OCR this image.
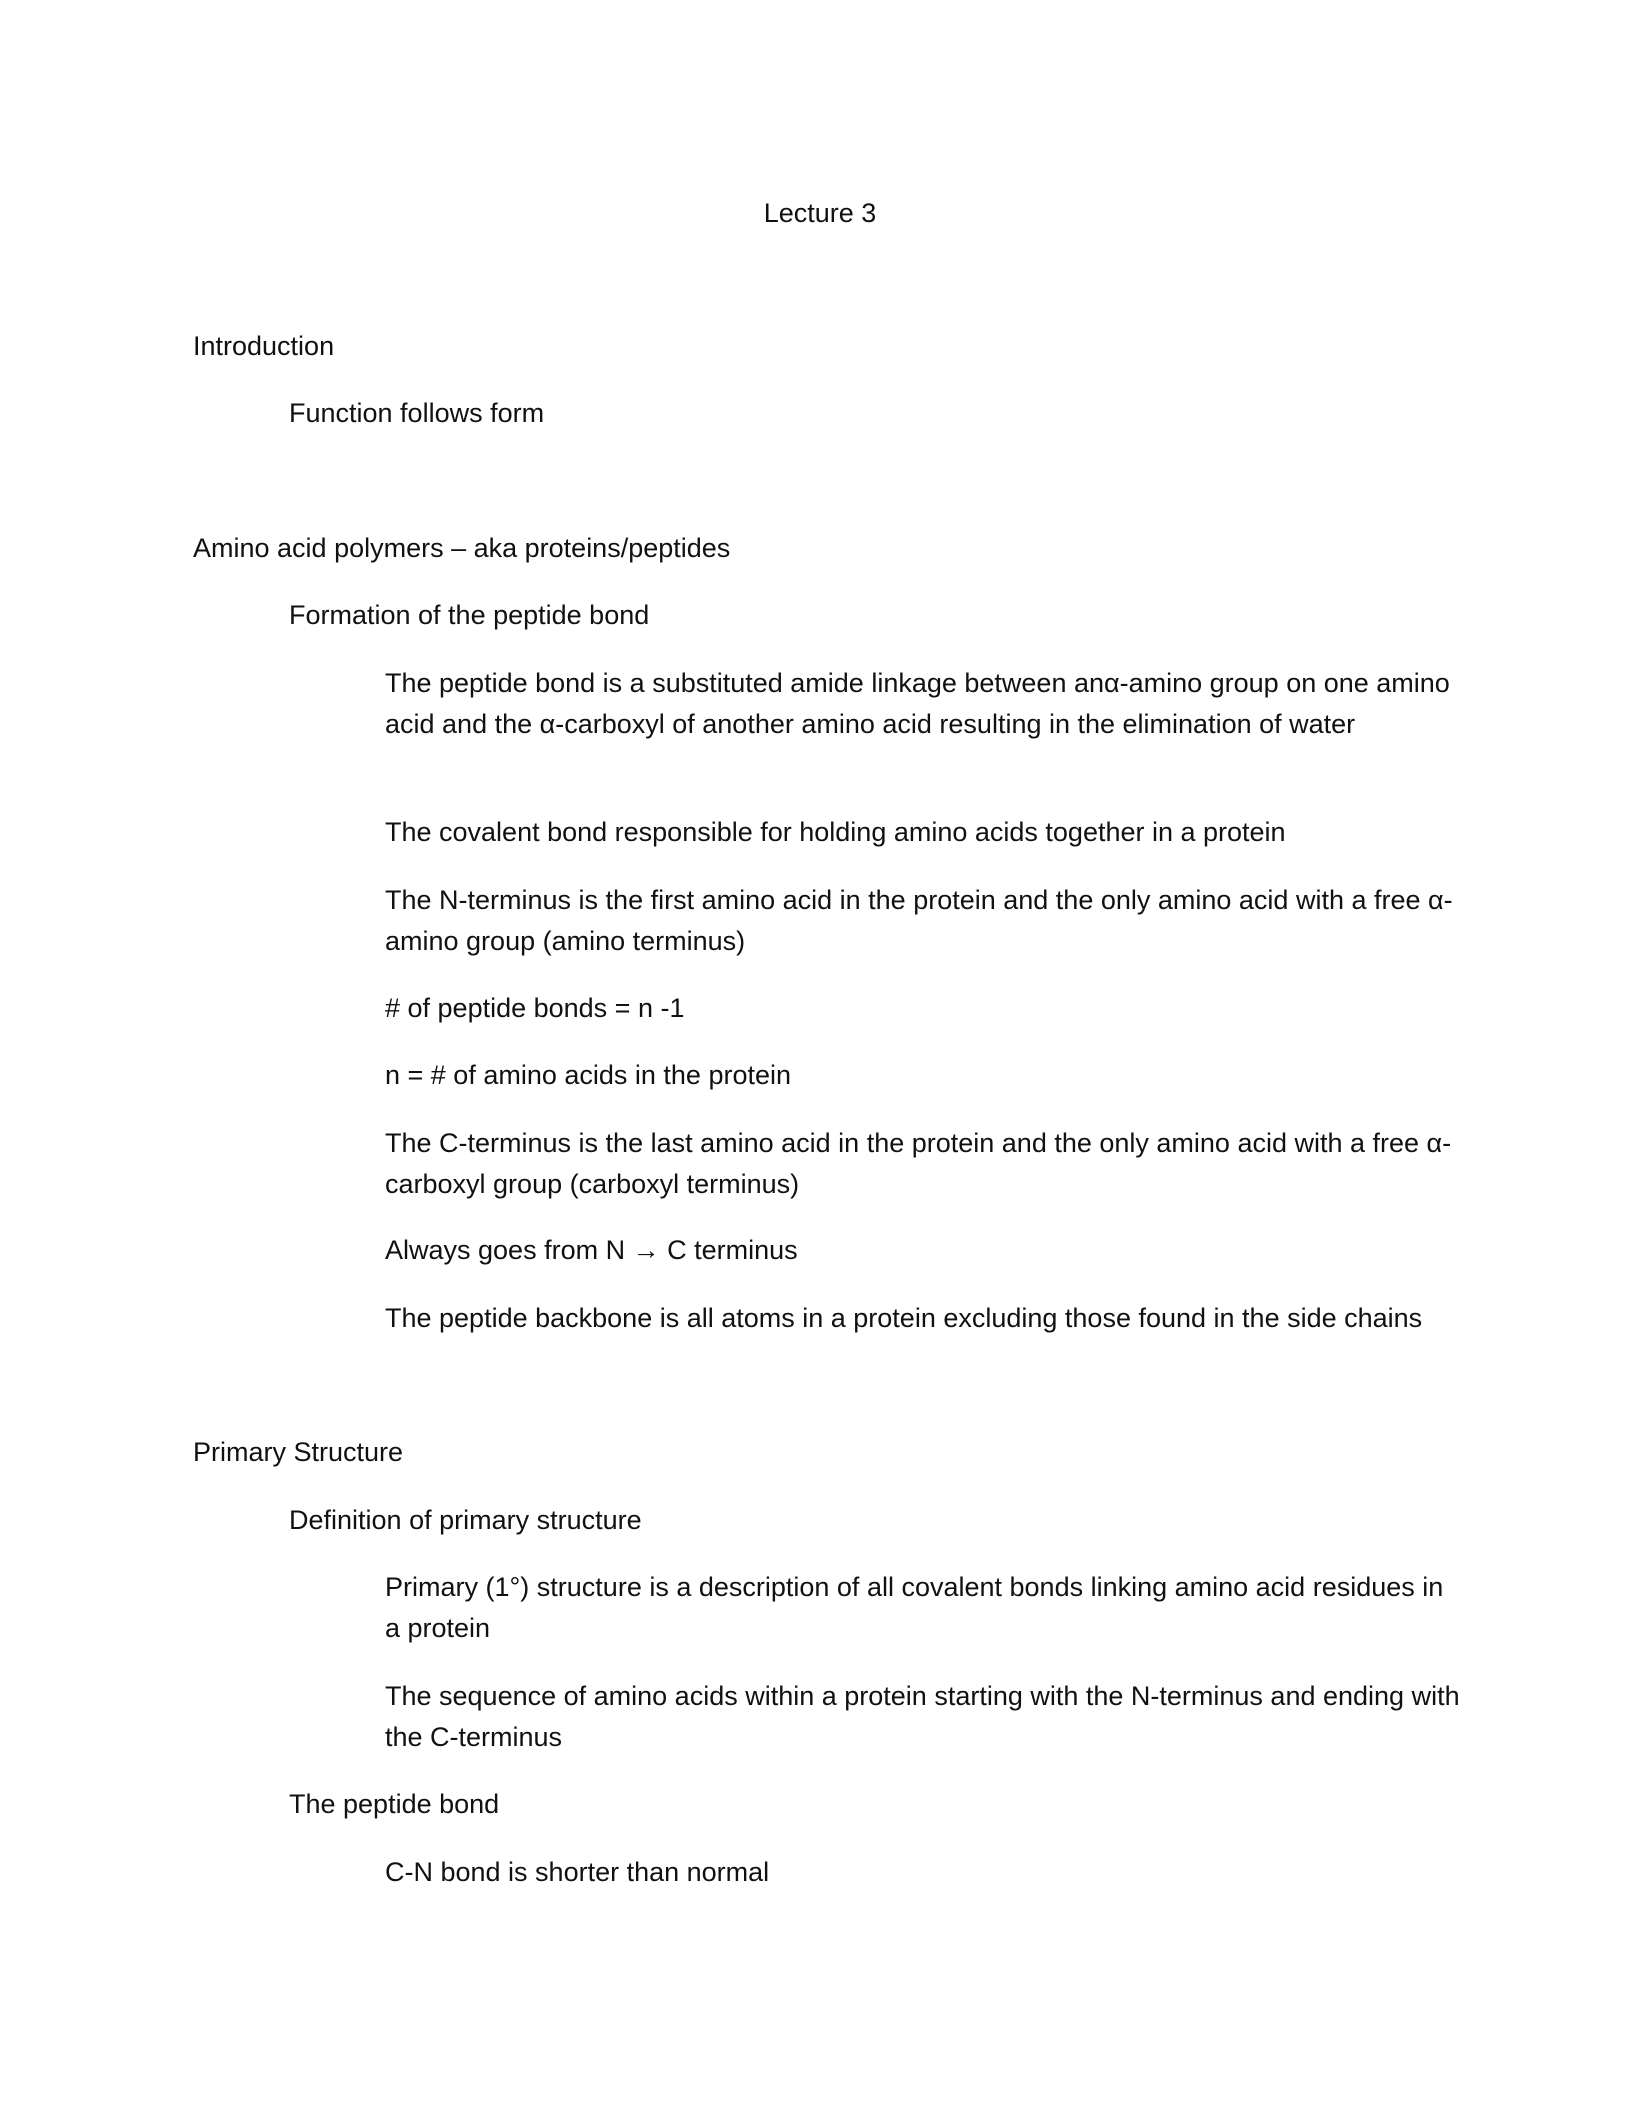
Lecture 3

Introduction

Function follows form

Amino acid polymers – aka proteins/peptides

Formation of the peptide bond

The peptide bond is a substituted amide linkage between anα-amino group on one amino acid and the α-carboxyl of another amino acid resulting in the elimination of water

The covalent bond responsible for holding amino acids together in a protein

The N-terminus is the first amino acid in the protein and the only amino acid with a free α-amino group (amino terminus)

# of peptide bonds = n -1

n = # of amino acids in the protein

The C-terminus is the last amino acid in the protein and the only amino acid with a free α-carboxyl group (carboxyl terminus)

Always goes from N → C terminus

The peptide backbone is all atoms in a protein excluding those found in the side chains

Primary Structure

Definition of primary structure

Primary (1°) structure is a description of all covalent bonds linking amino acid residues in a protein

The sequence of amino acids within a protein starting with the N-terminus and ending with the C-terminus

The peptide bond

C-N bond is shorter than normal
